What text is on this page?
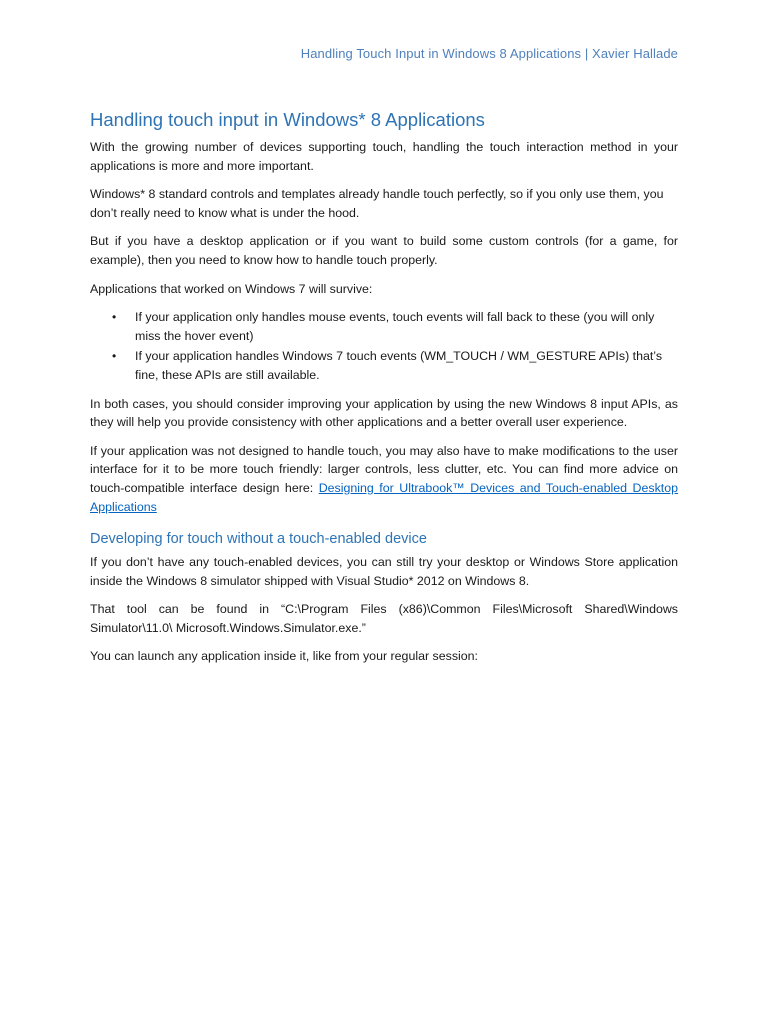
Handling Touch Input in Windows 8 Applications | Xavier Hallade
Handling touch input in Windows* 8 Applications

With the growing number of devices supporting touch, handling the touch interaction method in your applications is more and more important.

Windows* 8 standard controls and templates already handle touch perfectly, so if you only use them, you don’t really need to know what is under the hood.

But if you have a desktop application or if you want to build some custom controls (for a game, for example), then you need to know how to handle touch properly.

Applications that worked on Windows 7 will survive:

• If your application only handles mouse events, touch events will fall back to these (you will only miss the hover event)
• If your application handles Windows 7 touch events (WM_TOUCH / WM_GESTURE APIs) that’s fine, these APIs are still available.

In both cases, you should consider improving your application by using the new Windows 8 input APIs, as they will help you provide consistency with other applications and a better overall user experience.

If your application was not designed to handle touch, you may also have to make modifications to the user interface for it to be more touch friendly: larger controls, less clutter, etc. You can find more advice on touch-compatible interface design here: Designing for Ultrabook™ Devices and Touch-enabled Desktop Applications

Developing for touch without a touch-enabled device

If you don’t have any touch-enabled devices, you can still try your desktop or Windows Store application inside the Windows 8 simulator shipped with Visual Studio* 2012 on Windows 8.

That tool can be found in “C:\Program Files (x86)\Common Files\Microsoft Shared\Windows Simulator\11.0\ Microsoft.Windows.Simulator.exe.”

You can launch any application inside it, like from your regular session:
